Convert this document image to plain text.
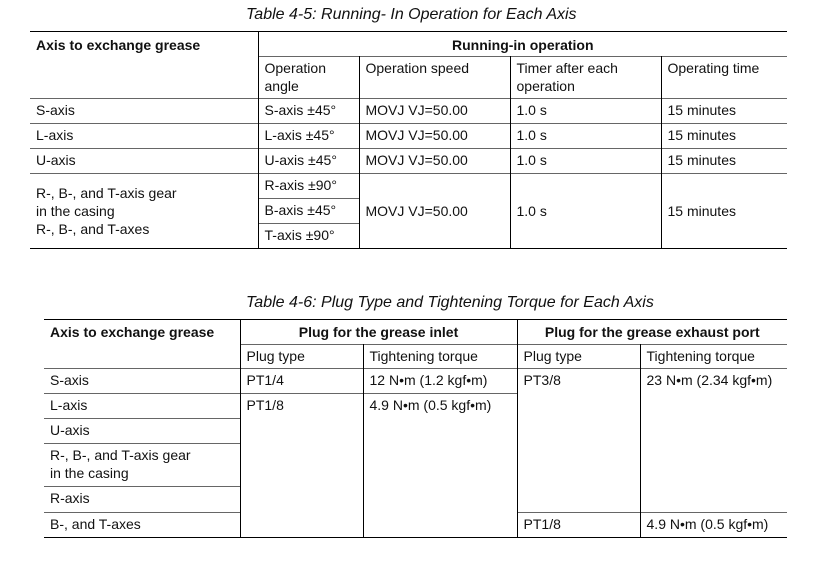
Table 4-5: Running- In Operation for Each Axis
Axis to exchange grease	Running-in operation			
	Operation angle	Operation speed	Timer after each operation	Operating time
S-axis	S-axis ±45°	MOVJ VJ=50.00	1.0 s	15 minutes
L-axis	L-axis ±45°	MOVJ VJ=50.00	1.0 s	15 minutes
U-axis	U-axis ±45°	MOVJ VJ=50.00	1.0 s	15 minutes

R-, B-, and T-axis gear
in the casing
R-, B-, and T-axes	R-axis ±90°	MOVJ VJ=50.00	1.0 s	15 minutes
	B-axis ±45°			
	T-axis ±90°			
Table 4-6: Plug Type and Tightening Torque for Each Axis
Axis to exchange grease	Plug for the grease inlet		Plug for the grease exhaust port	
	Plug type	Tightening torque	Plug type	Tightening torque
S-axis	PT1/4	12 N•m (1.2 kgf•m)	PT3/8	23 N•m (2.34 kgf•m)
L-axis	PT1/8	4.9 N•m (0.5 kgf•m)		
U-axis				

R-, B-, and T-axis gear
in the casing				

R-axis				

B-, and T-axes			PT1/8	4.9 N•m (0.5 kgf•m)
